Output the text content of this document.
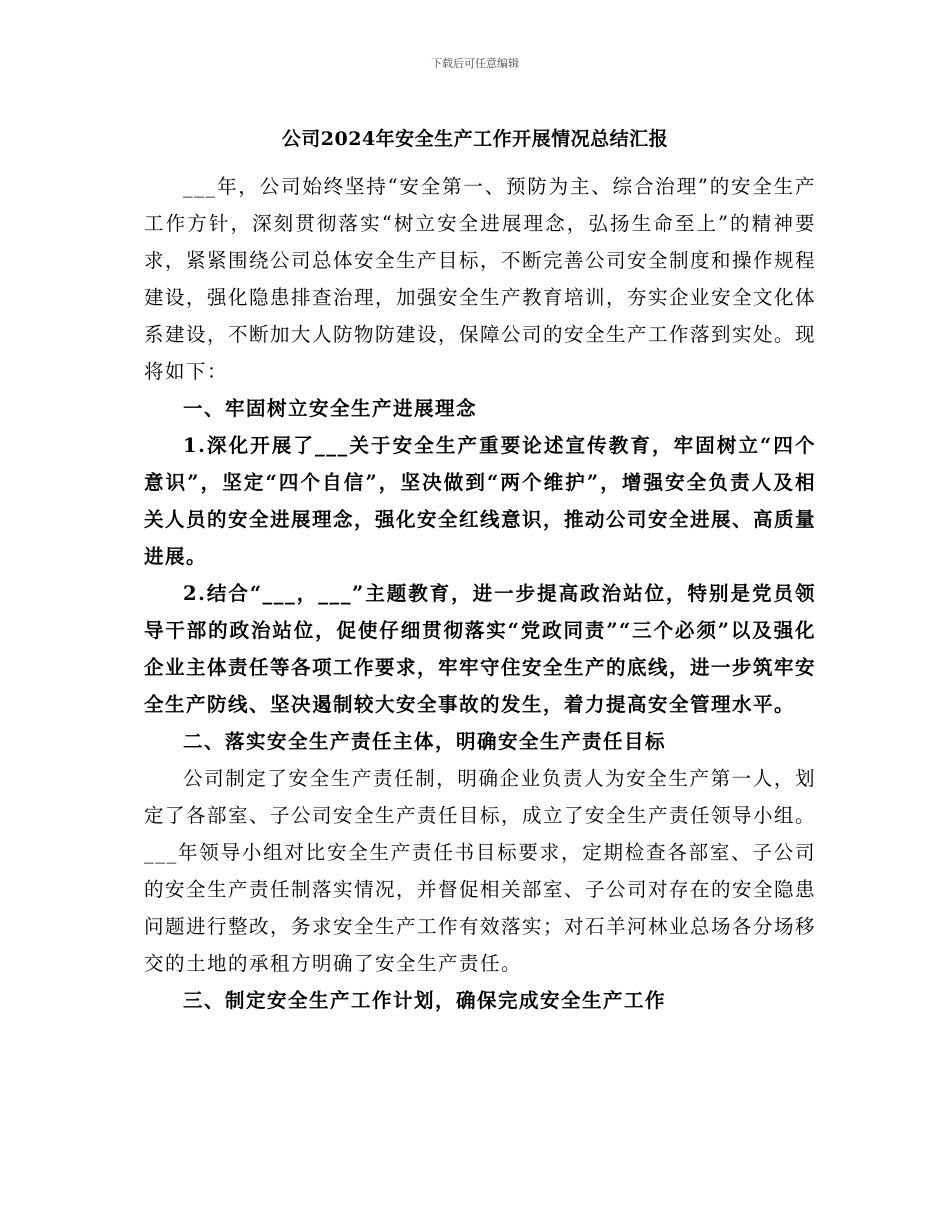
下载后可任意编辑
公司2024年安全生产工作开展情况总结汇报

___年，公司始终坚持“安全第一、预防为主、综合治理”的安全生产工作方针，深刻贯彻落实“树立安全进展理念，弘扬生命至上”的精神要求，紧紧围绕公司总体安全生产目标，不断完善公司安全制度和操作规程建设，强化隐患排查治理，加强安全生产教育培训，夯实企业安全文化体系建设，不断加大人防物防建设，保障公司的安全生产工作落到实处。现将如下：

一、牢固树立安全生产进展理念

1.深化开展了___关于安全生产重要论述宣传教育，牢固树立“四个意识”，坚定“四个自信”，坚决做到“两个维护”，增强安全负责人及相关人员的安全进展理念，强化安全红线意识，推动公司安全进展、高质量进展。

2.结合“___，___”主题教育，进一步提高政治站位，特别是党员领导干部的政治站位，促使仔细贯彻落实“党政同责”“三个必须”以及强化企业主体责任等各项工作要求，牢牢守住安全生产的底线，进一步筑牢安全生产防线、坚决遏制较大安全事故的发生，着力提高安全管理水平。

二、落实安全生产责任主体，明确安全生产责任目标

公司制定了安全生产责任制，明确企业负责人为安全生产第一人，划定了各部室、子公司安全生产责任目标，成立了安全生产责任领导小组。___年领导小组对比安全生产责任书目标要求，定期检查各部室、子公司的安全生产责任制落实情况，并督促相关部室、子公司对存在的安全隐患问题进行整改，务求安全生产工作有效落实；对石羊河林业总场各分场移交的土地的承租方明确了安全生产责任。

三、制定安全生产工作计划，确保完成安全生产工作
